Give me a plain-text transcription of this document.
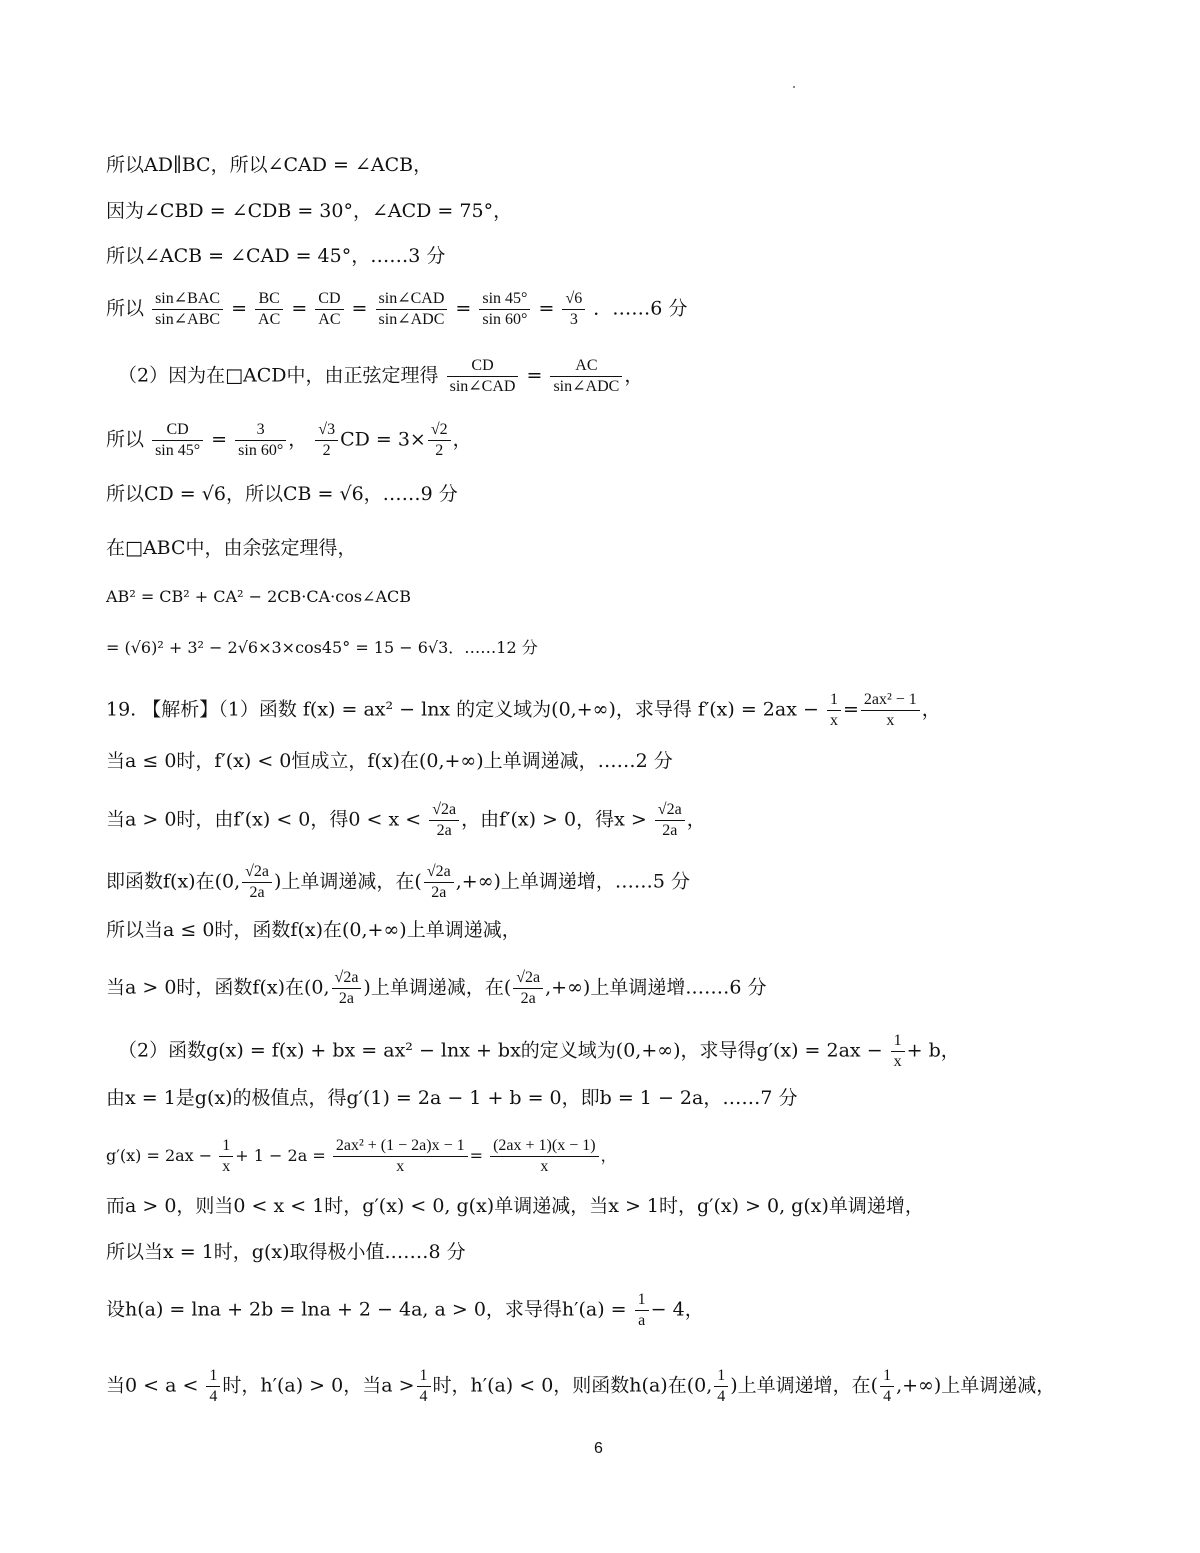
所以AD∥BC，所以∠CAD = ∠ACB，
因为∠CBD = ∠CDB = 30°，∠ACD = 75°，
所以∠ACB = ∠CAD = 45°，……3 分
所以 $\frac{\text{sin∠BAC}}{\text{sin∠ABC}} = \frac{BC}{AC} = \frac{CD}{AC} = \frac{\text{sin∠CAD}}{\text{sin∠ADC}} = \frac{\sin 45^\circ}{\sin 60^\circ} = \frac{√6}{3}$ ．……6 分
（2）因为在□ACD中，由正弦定理得 $\frac{CD}{\text{sin∠CAD}} = \frac{AC}{\text{sin∠ADC}}$ ，
所以 $\frac{CD}{\sin 45^\circ} = \frac{3}{\sin 60^\circ}$ ， $\frac{√3}{2}$ CD = $3\times \frac{√2}{2}$ ，
所以CD = √6，所以CB = √6，……9 分
在□ABC中，由余弦定理得，
AB² = CB² + CA² − 2CB·CA·cos∠ACB
= (√6)² + 3² − 2√6×3×cos45° = 15 − 6√3．……12 分
19. 【解析】（1）函数 f(x) = ax² − lnx 的定义域为(0,+∞)，求导得 $f'(x) = 2ax - \frac{1}{x} = \frac{\text{2ax² − 1}}{x}$ ，
当a ≤ 0时，f′(x) < 0恒成立，f(x)在(0,+∞)上单调递减，……2 分
当a > 0时，由f′(x) < 0，得$0 < x < \frac{√2a}{2a}$ ，由f′(x) > 0，得$x > \frac{√2a}{2a}$ ，
即函数f(x)在(0, $\frac{√2a}{2a}$ )上单调递减，在( $\frac{√2a}{2a}$ ,+∞)上单调递增，……5 分
所以当a ≤ 0时，函数f(x)在(0,+∞)上单调递减，
当a > 0时，函数f(x)在(0, $\frac{√2a}{2a}$ )上单调递减，在( $\frac{√2a}{2a}$ ,+∞)上单调递增.……6 分
（2）函数g(x) = f(x) + bx = ax² − lnx + bx的定义域为(0,+∞)，求导得$g'(x) = 2ax - \frac{1}{x} + b$，
由x = 1是g(x)的极值点，得g′(1) = 2a − 1 + b = 0，即b = 1 − 2a，……7 分
$g'(x) = 2ax - \frac{1}{x} + 1 - 2a = \frac{\text{2ax² + (1 − 2a)x − 1}}{x} = \frac{(2ax + 1)(x - 1)}{x}$ ，
而a > 0，则当0 < x < 1时，g′(x) < 0, g(x)单调递减，当x > 1时，g′(x) > 0, g(x)单调递增，
所以当x = 1时，g(x)取得极小值.……8 分
设h(a) = lna + 2b = lna + 2 − 4a, a > 0，求导得$h'(a) = \frac{1}{a} - 4$，
当$0 < a < \frac{1}{4}$ 时，h′(a) > 0，当$a > \frac{1}{4}$ 时，h′(a) < 0，则函数h(a)在(0, $\frac{1}{4}$ )上单调递增，在( $\frac{1}{4}$ ,+∞)上单调递减，
6
